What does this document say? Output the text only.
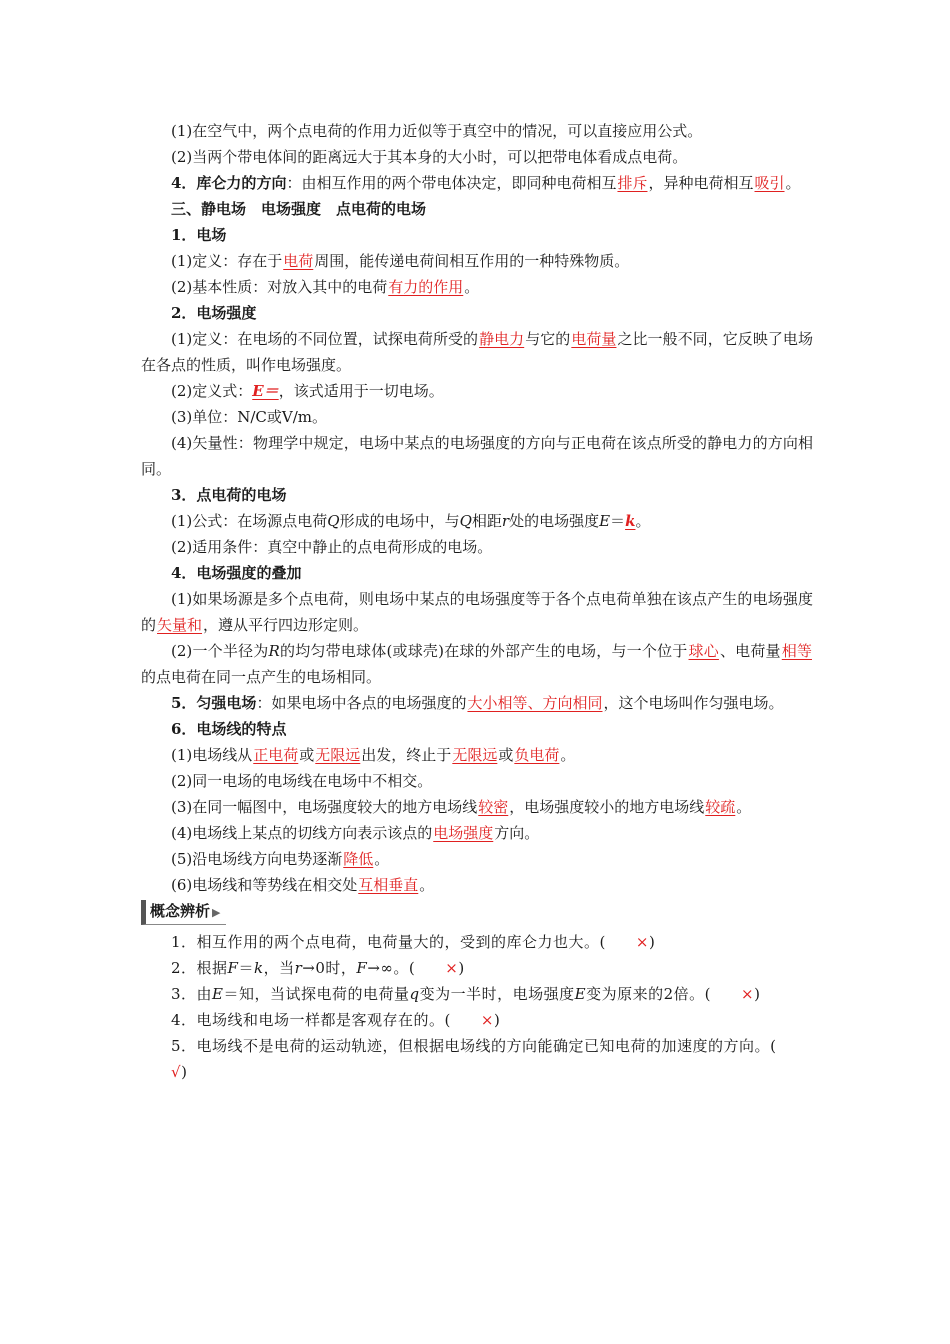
(1)在空气中，两个点电荷的作用力近似等于真空中的情况，可以直接应用公式。

(2)当两个带电体间的距离远大于其本身的大小时，可以把带电体看成点电荷。

4．库仑力的方向：由相互作用的两个带电体决定，即同种电荷相互排斥，异种电荷相互吸引。

三、静电场　电场强度　点电荷的电场

1．电场

(1)定义：存在于电荷周围，能传递电荷间相互作用的一种特殊物质。

(2)基本性质：对放入其中的电荷有力的作用。

2．电场强度

(1)定义：在电场的不同位置，试探电荷所受的静电力与它的电荷量之比一般不同，它反映了电场在各点的性质，叫作电场强度。

(2)定义式：E＝，该式适用于一切电场。

(3)单位：N/C或V/m。

(4)矢量性：物理学中规定，电场中某点的电场强度的方向与正电荷在该点所受的静电力的方向相同。

3．点电荷的电场

(1)公式：在场源点电荷Q形成的电场中，与Q相距r处的电场强度E＝k。

(2)适用条件：真空中静止的点电荷形成的电场。

4．电场强度的叠加

(1)如果场源是多个点电荷，则电场中某点的电场强度等于各个点电荷单独在该点产生的电场强度的矢量和，遵从平行四边形定则。

(2)一个半径为R的均匀带电球体(或球壳)在球的外部产生的电场，与一个位于球心、电荷量相等的点电荷在同一点产生的电场相同。

5．匀强电场：如果电场中各点的电场强度的大小相等、方向相同，这个电场叫作匀强电场。

6．电场线的特点

(1)电场线从正电荷或无限远出发，终止于无限远或负电荷。

(2)同一电场的电场线在电场中不相交。

(3)在同一幅图中，电场强度较大的地方电场线较密，电场强度较小的地方电场线较疏。

(4)电场线上某点的切线方向表示该点的电场强度方向。

(5)沿电场线方向电势逐渐降低。

(6)电场线和等势线在相交处互相垂直。

概念辨析 ▶

1．相互作用的两个点电荷，电荷量大的，受到的库仑力也大。( ×)

2．根据F＝k，当r→0时，F→∞。( ×)

3．由E＝知，当试探电荷的电荷量q变为一半时，电场强度E变为原来的2倍。( ×)

4．电场线和电场一样都是客观存在的。( ×)

5．电场线不是电荷的运动轨迹，但根据电场线的方向能确定已知电荷的加速度的方向。(√)
